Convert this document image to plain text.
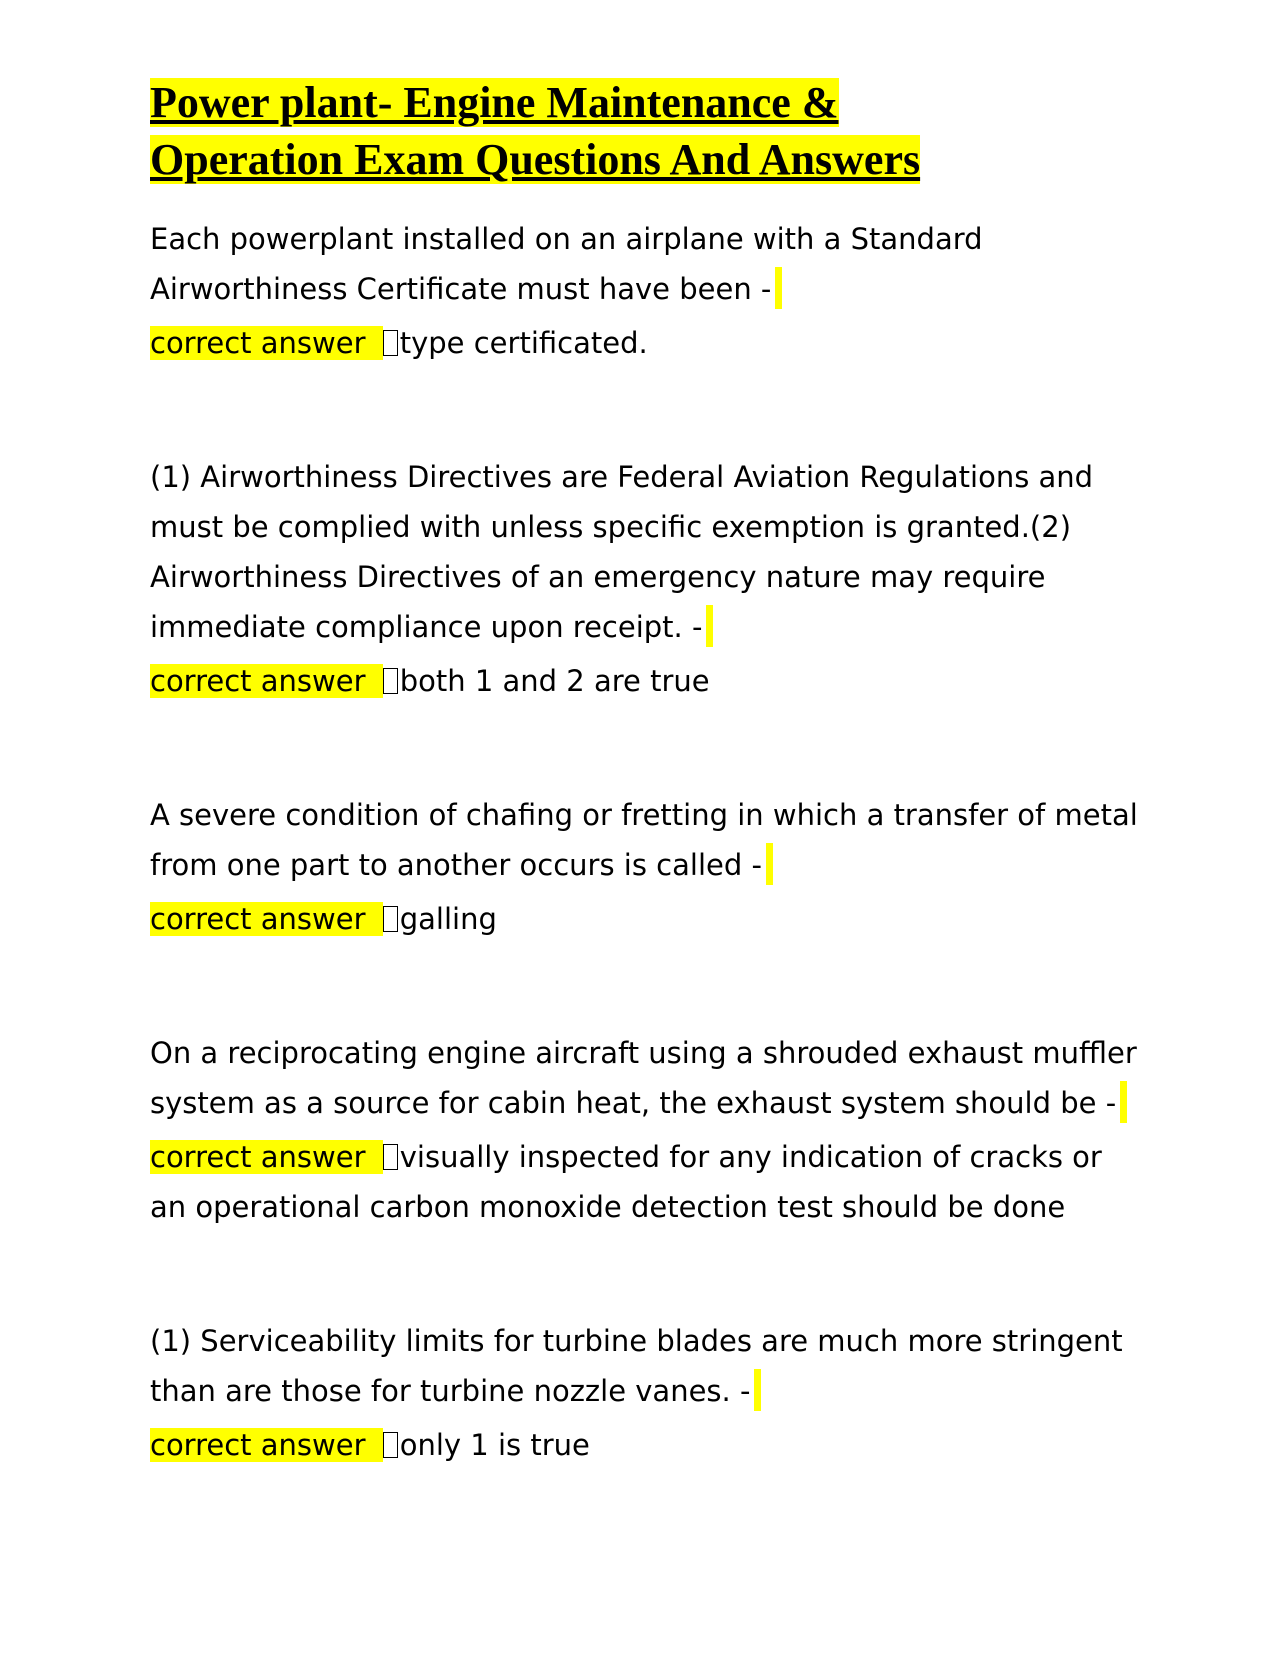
Power plant- Engine Maintenance &
Operation Exam Questions And Answers

Each powerplant installed on an airplane with a Standard Airworthiness Certificate must have been -

correct answer type certificated.

(1) Airworthiness Directives are Federal Aviation Regulations and must be complied with unless specific exemption is granted.(2) Airworthiness Directives of an emergency nature may require immediate compliance upon receipt. -

correct answer both 1 and 2 are true

A severe condition of chafing or fretting in which a transfer of metal from one part to another occurs is called -

correct answer galling

On a reciprocating engine aircraft using a shrouded exhaust muffler system as a source for cabin heat, the exhaust system should be -

correct answer visually inspected for any indication of cracks or an operational carbon monoxide detection test should be done

(1) Serviceability limits for turbine blades are much more stringent than are those for turbine nozzle vanes. -

correct answer only 1 is true
